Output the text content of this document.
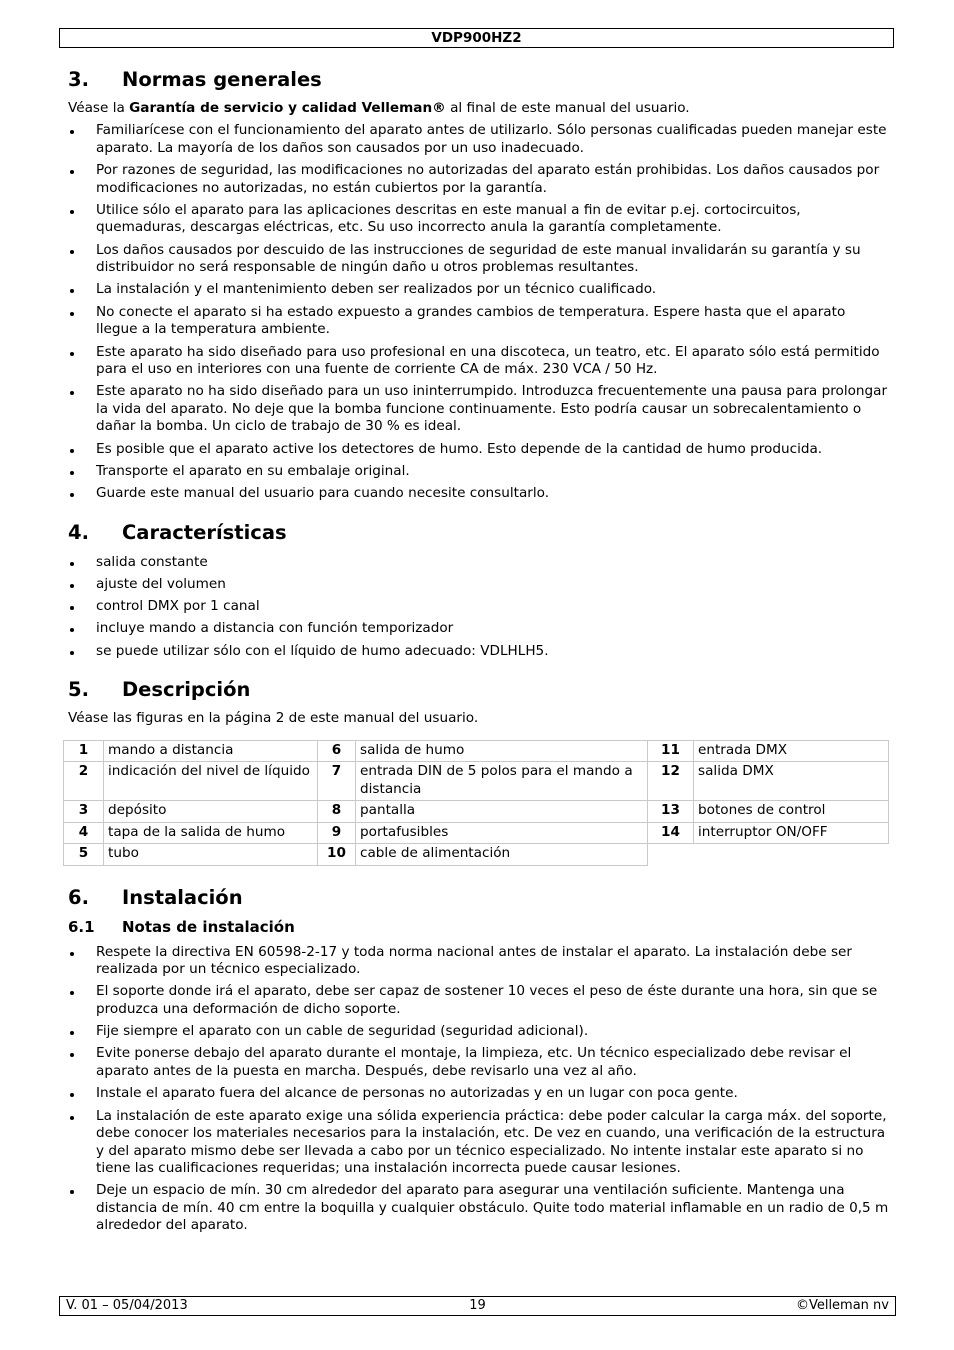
VDP900HZ2
3.	Normas generales

Véase la Garantía de servicio y calidad Velleman® al final de este manual del usuario.

Familiarícese con el funcionamiento del aparato antes de utilizarlo. Sólo personas cualificadas pueden manejar este aparato. La mayoría de los daños son causados por un uso inadecuado.
Por razones de seguridad, las modificaciones no autorizadas del aparato están prohibidas. Los daños causados por modificaciones no autorizadas, no están cubiertos por la garantía.
Utilice sólo el aparato para las aplicaciones descritas en este manual a fin de evitar p.ej. cortocircuitos, quemaduras, descargas eléctricas, etc. Su uso incorrecto anula la garantía completamente.
Los daños causados por descuido de las instrucciones de seguridad de este manual invalidarán su garantía y su distribuidor no será responsable de ningún daño u otros problemas resultantes.
La instalación y el mantenimiento deben ser realizados por un técnico cualificado.
No conecte el aparato si ha estado expuesto a grandes cambios de temperatura. Espere hasta que el aparato llegue a la temperatura ambiente.
Este aparato ha sido diseñado para uso profesional en una discoteca, un teatro, etc. El aparato sólo está permitido para el uso en interiores con una fuente de corriente CA de máx. 230 VCA / 50 Hz.
Este aparato no ha sido diseñado para un uso ininterrumpido. Introduzca frecuentemente una pausa para prolongar la vida del aparato. No deje que la bomba funcione continuamente. Esto podría causar un sobrecalentamiento o dañar la bomba. Un ciclo de trabajo de 30 % es ideal.
Es posible que el aparato active los detectores de humo. Esto depende de la cantidad de humo producida.
Transporte el aparato en su embalaje original.
Guarde este manual del usuario para cuando necesite consultarlo.
4.	Características
salida constante
ajuste del volumen
control DMX por 1 canal
incluye mando a distancia con función temporizador
se puede utilizar sólo con el líquido de humo adecuado: VDLHLH5.
5.	Descripción

Véase las figuras en la página 2 de este manual del usuario.

1	mando a distancia	6	salida de humo	11	entrada DMX
2	indicación del nivel de líquido	7	entrada DIN de 5 polos para el mando a distancia	12	salida DMX
3	depósito	8	pantalla	13	botones de control
4	tapa de la salida de humo	9	portafusibles	14	interruptor ON/OFF
5	tubo	10	cable de alimentación		
6.	Instalación
6.1	Notas de instalación
Respete la directiva EN 60598-2-17 y toda norma nacional antes de instalar el aparato. La instalación debe ser realizada por un técnico especializado.
El soporte donde irá el aparato, debe ser capaz de sostener 10 veces el peso de éste durante una hora, sin que se produzca una deformación de dicho soporte.
Fije siempre el aparato con un cable de seguridad (seguridad adicional).
Evite ponerse debajo del aparato durante el montaje, la limpieza, etc. Un técnico especializado debe revisar el aparato antes de la puesta en marcha. Después, debe revisarlo una vez al año.
Instale el aparato fuera del alcance de personas no autorizadas y en un lugar con poca gente.
La instalación de este aparato exige una sólida experiencia práctica: debe poder calcular la carga máx. del soporte, debe conocer los materiales necesarios para la instalación, etc. De vez en cuando, una verificación de la estructura y del aparato mismo debe ser llevada a cabo por un técnico especializado. No intente instalar este aparato si no tiene las cualificaciones requeridas; una instalación incorrecta puede causar lesiones.
Deje un espacio de mín. 30 cm alrededor del aparato para asegurar una ventilación suficiente. Mantenga una distancia de mín. 40 cm entre la boquilla y cualquier obstáculo. Quite todo material inflamable en un radio de 0,5 m alrededor del aparato.
V. 01 – 05/04/2013	19	©Velleman nv
